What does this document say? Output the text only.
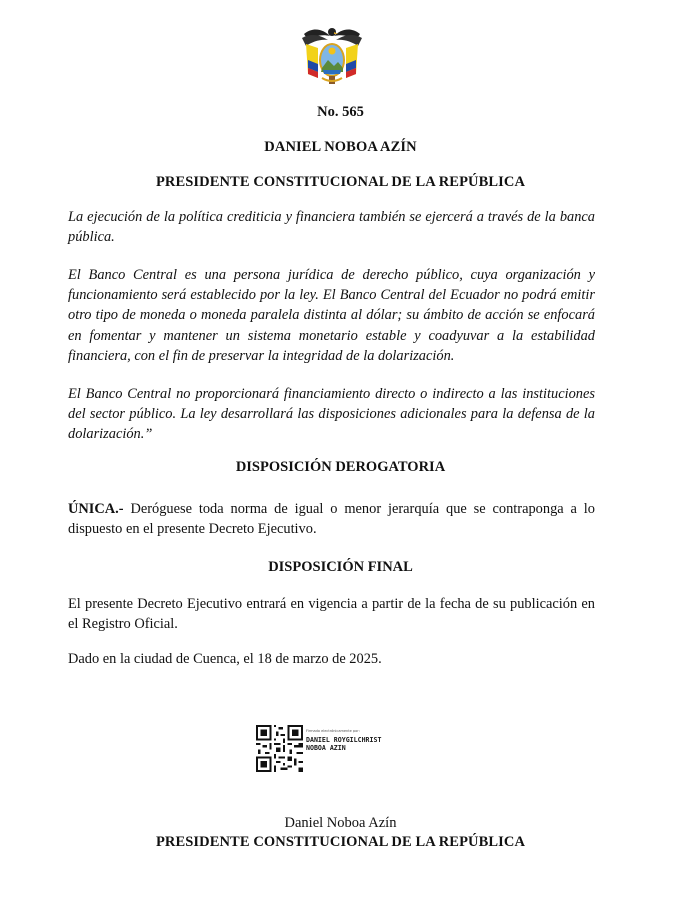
No. 565
DANIEL NOBOA AZÍN
PRESIDENTE CONSTITUCIONAL DE LA REPÚBLICA

La ejecución de la política crediticia y financiera también se ejercerá a través de la banca pública.

El Banco Central es una persona jurídica de derecho público, cuya organización y funcionamiento será establecido por la ley. El Banco Central del Ecuador no podrá emitir otro tipo de moneda o moneda paralela distinta al dólar; su ámbito de acción se enfocará en fomentar y mantener un sistema monetario estable y coadyuvar a la estabilidad financiera, con el fin de preservar la integridad de la dolarización.

El Banco Central no proporcionará financiamiento directo o indirecto a las instituciones del sector público. La ley desarrollará las disposiciones adicionales para la defensa de la dolarización.”

DISPOSICIÓN DEROGATORIA

ÚNICA.- Deróguese toda norma de igual o menor jerarquía que se contraponga a lo dispuesto en el presente Decreto Ejecutivo.

DISPOSICIÓN FINAL

El presente Decreto Ejecutivo entrará en vigencia a partir de la fecha de su publicación en el Registro Oficial.

Dado en la ciudad de Cuenca, el 18 de marzo de 2025.

Firmado electrónicamente por:
DANIEL ROYGILCHRIST
NOBOA AZIN
Daniel Noboa Azín
PRESIDENTE CONSTITUCIONAL DE LA REPÚBLICA
